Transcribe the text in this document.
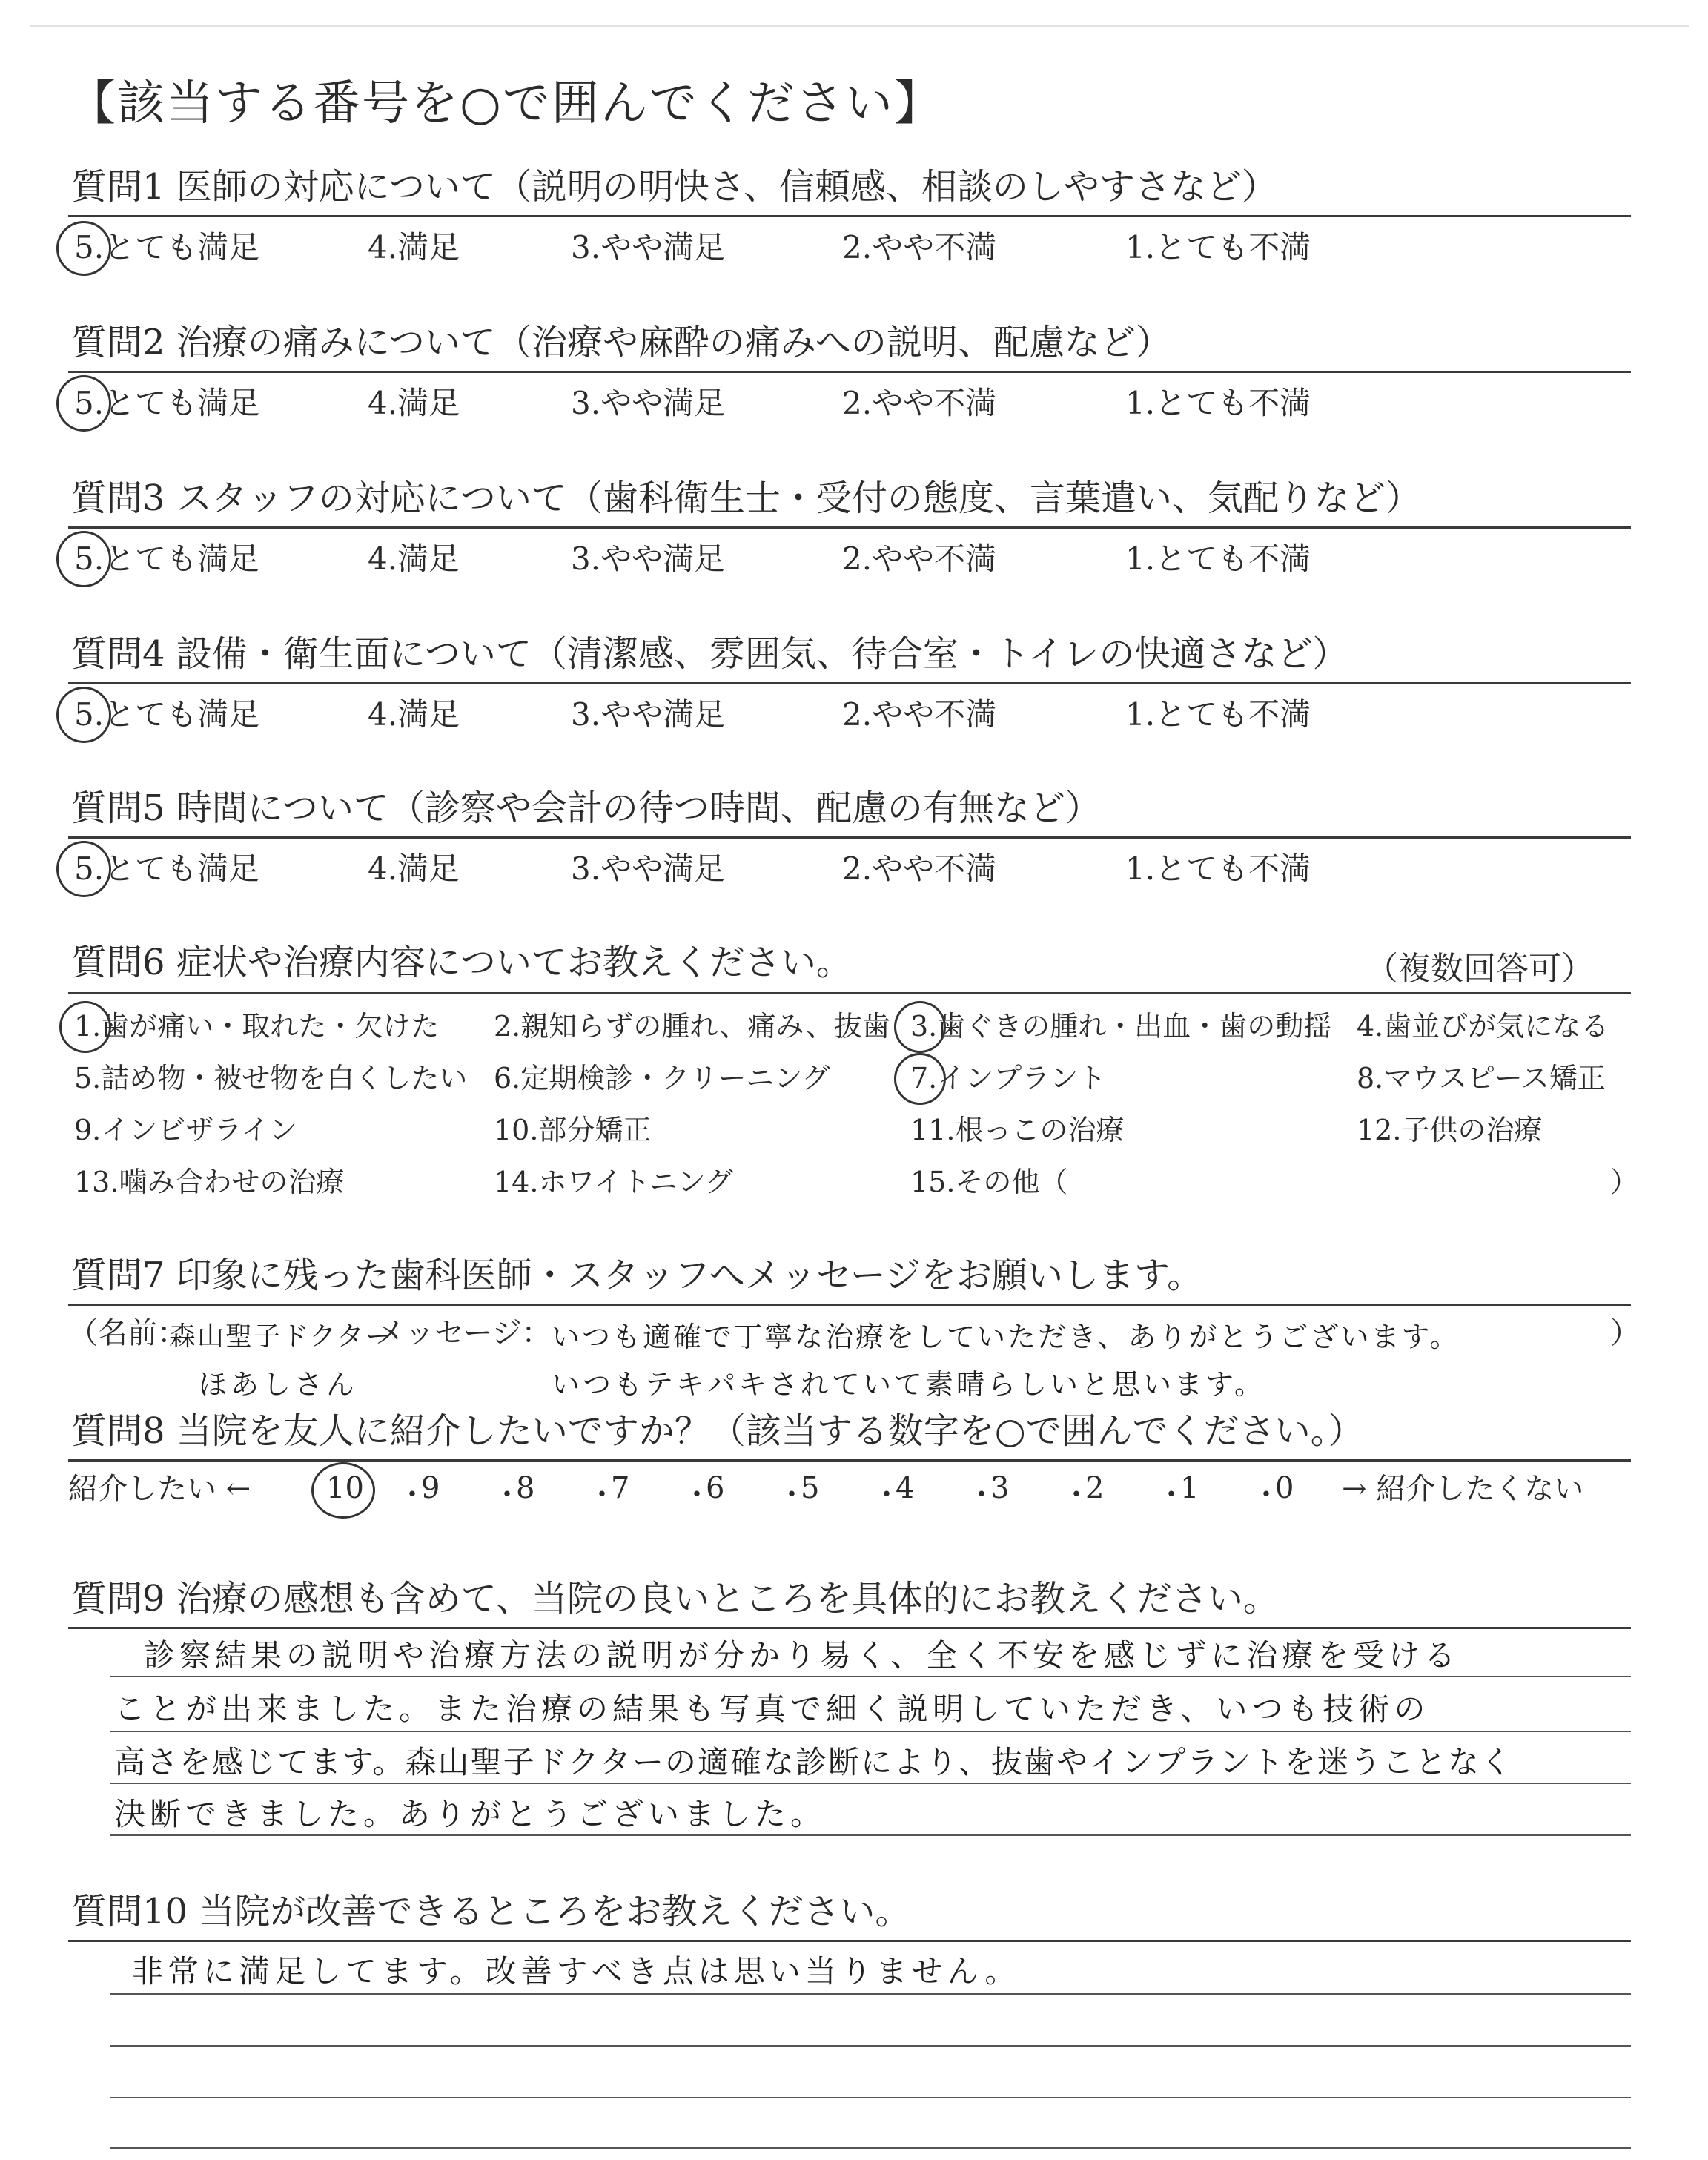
【該当する番号を○で囲んでください】
質問1 医師の対応について（説明の明快さ、信頼感、相談のしやすさなど）
5.とても満足	4.満足	3.やや満足	2.やや不満	1.とても不満
質問2 治療の痛みについて（治療や麻酔の痛みへの説明、配慮など）
5.とても満足	4.満足	3.やや満足	2.やや不満	1.とても不満
質問3 スタッフの対応について（歯科衛生士・受付の態度、言葉遣い、気配りなど）
5.とても満足	4.満足	3.やや満足	2.やや不満	1.とても不満
質問4 設備・衛生面について（清潔感、雰囲気、待合室・トイレの快適さなど）
5.とても満足	4.満足	3.やや満足	2.やや不満	1.とても不満
質問5 時間について（診察や会計の待つ時間、配慮の有無など）
5.とても満足	4.満足	3.やや満足	2.やや不満	1.とても不満
質問6 症状や治療内容についてお教えください。	（複数回答可）
1.歯が痛い・取れた・欠けた 2.親知らずの腫れ、痛み、抜歯 3.歯ぐきの腫れ・出血・歯の動揺 4.歯並びが気になる
5.詰め物・被せ物を白くしたい 6.定期検診・クリーニング	7.インプラント	8.マウスピース矯正
9.インビザライン	10.部分矯正	11.根っこの治療	12.子供の治療
13.噛み合わせの治療	14.ホワイトニング	15.その他（	）
質問7 印象に残った歯科医師・スタッフへメッセージをお願いします。
（名前：
森山聖子ドクター
メッセージ： いつも適確で丁寧な治療をしていただき、ありがとうございます。	）
ほあしさん	いつもテキパキされていて素晴らしいと思います。
質問8 当院を友人に紹介したいですか？（該当する数字を○で囲んでください。）
紹介したい ←	10 ・
9 ・
8 ・
7 ・
6 ・
5 ・
4 ・
3 ・
2 ・
1 ・
0 → 紹介したくない
質問9 治療の感想も含めて、当院の良いところを具体的にお教えください。
診察結果の説明や治療方法の説明が分かり易く、全く不安を感じずに治療を受ける
ことが出来ました。また治療の結果も写真で細く説明していただき、いつも技術の
高さを感じてます。森山聖子ドクターの適確な診断により、抜歯やインプラントを迷うことなく
決断できました。ありがとうございました。
質問10 当院が改善できるところをお教えください。
非常に満足してます。改善すべき点は思い当りません。
